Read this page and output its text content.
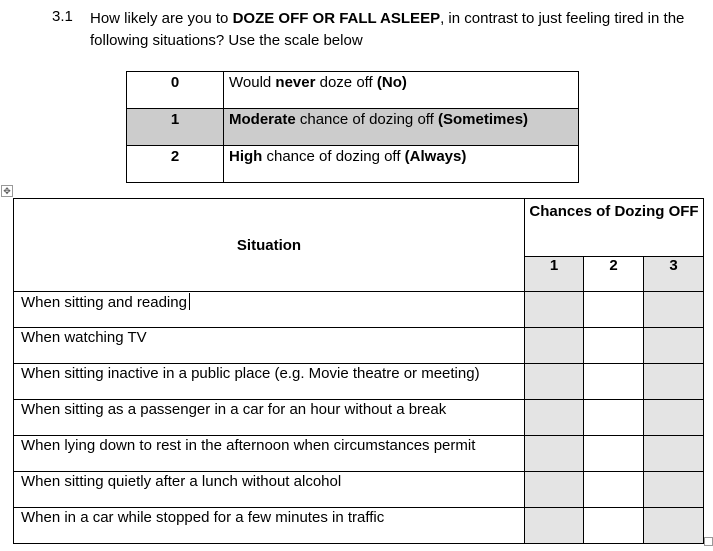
3.1 How likely are you to DOZE OFF OR FALL ASLEEP, in contrast to just feeling tired in the following situations? Use the scale below
0	Would never doze off (No)
1	Moderate chance of dozing off (Sometimes)
2	High chance of dozing off (Always)
✥
Situation	Chances of Dozing OFF		
	1	2	3
When sitting and reading			
When watching TV			
When sitting inactive in a public place (e.g. Movie theatre or meeting)			
When sitting as a passenger in a car for an hour without a break			
When lying down to rest in the afternoon when circumstances permit			
When sitting quietly after a lunch without alcohol			
When in a car while stopped for a few minutes in traffic			
